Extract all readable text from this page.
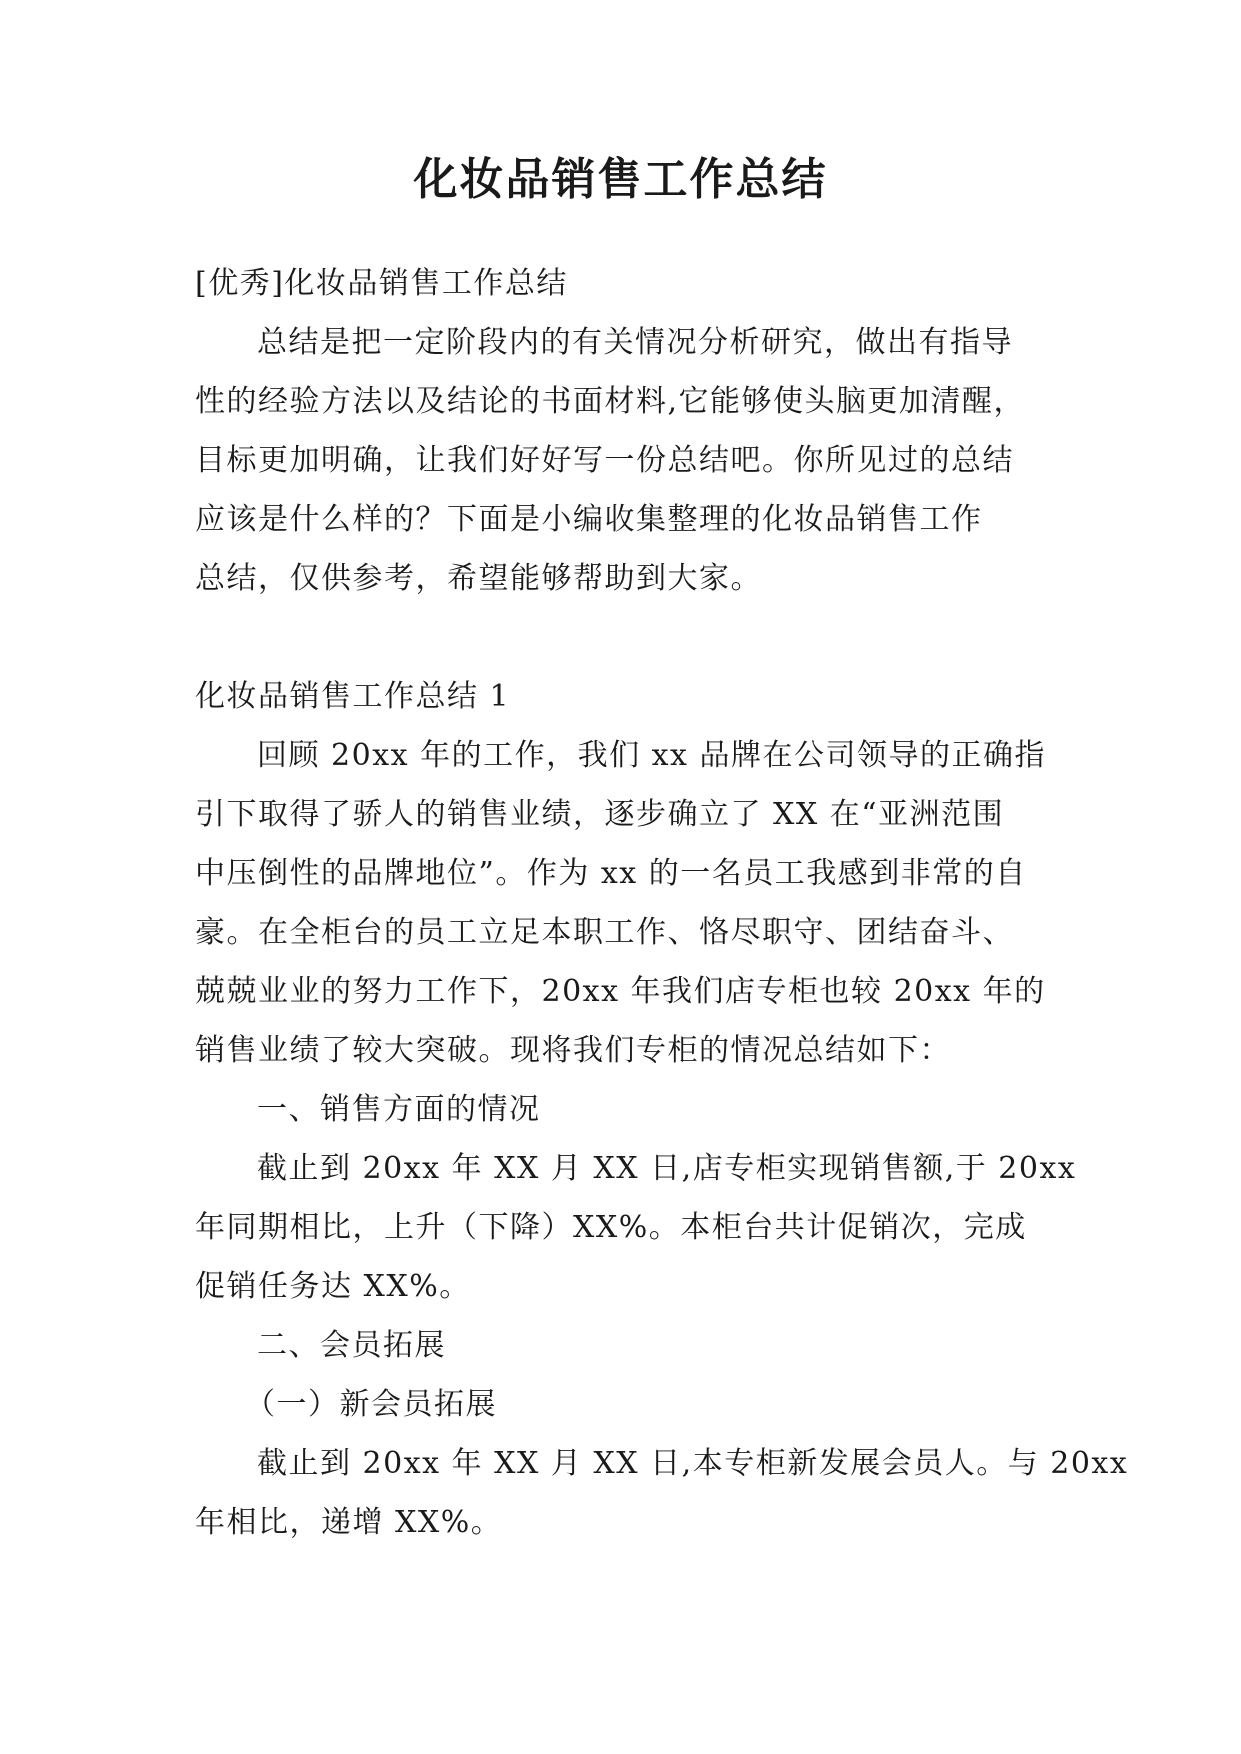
化妆品销售工作总结
[优秀]化妆品销售工作总结
总结是把一定阶段内的有关情况分析研究，做出有指导
性的经验方法以及结论的书面材料,它能够使头脑更加清醒，
目标更加明确，让我们好好写一份总结吧。你所见过的总结
应该是什么样的？下面是小编收集整理的化妆品销售工作
总结，仅供参考，希望能够帮助到大家。
化妆品销售工作总结 1
回顾 20xx 年的工作，我们 xx 品牌在公司领导的正确指
引下取得了骄人的销售业绩，逐步确立了 XX 在“亚洲范围
中压倒性的品牌地位”。作为 xx 的一名员工我感到非常的自
豪。在全柜台的员工立足本职工作、恪尽职守、团结奋斗、
兢兢业业的努力工作下，20xx 年我们店专柜也较 20xx 年的
销售业绩了较大突破。现将我们专柜的情况总结如下：
一、销售方面的情况
截止到 20xx 年 XX 月 XX 日,店专柜实现销售额,于 20xx
年同期相比，上升（下降）XX%。本柜台共计促销次，完成
促销任务达 XX%。
二、会员拓展
（一）新会员拓展
截止到 20xx 年 XX 月 XX 日,本专柜新发展会员人。与 20xx
年相比，递增 XX%。
